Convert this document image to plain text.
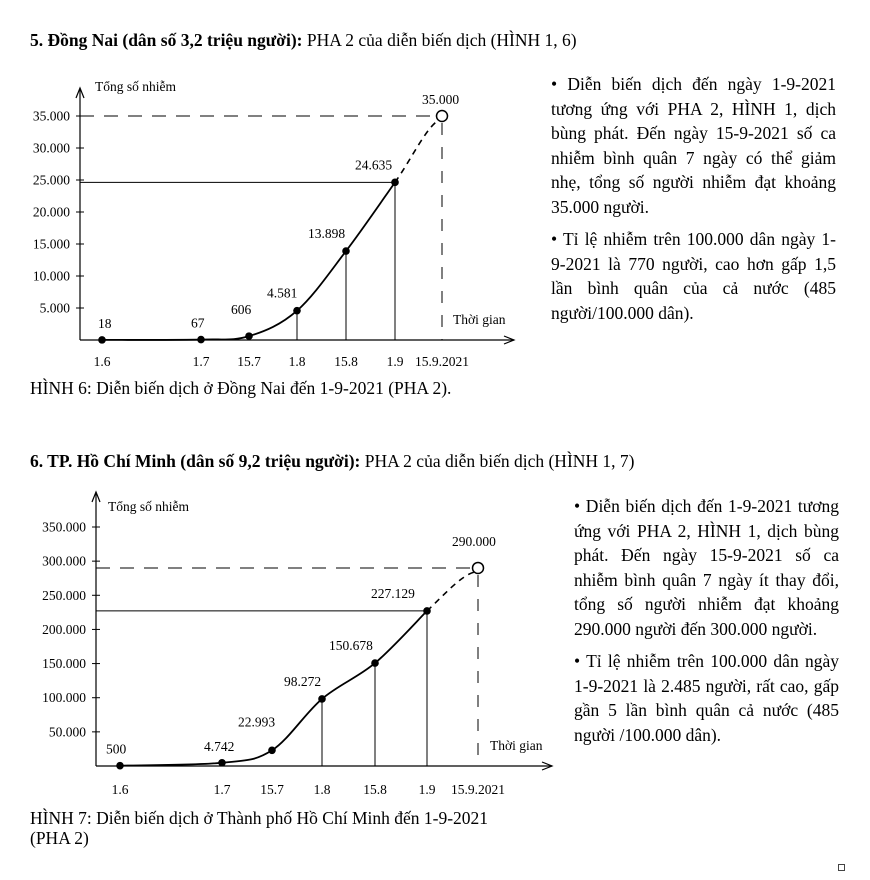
5. Đồng Nai (dân số 3,2 triệu người): PHA 2 của diễn biến dịch (HÌNH 1, 6)
Tổng số nhiễm
Thời gian
5.000
10.000
15.000
20.000
25.000
30.000
35.000
1.6	1.7 15.7 1.8 15.8 1.9 15.9.2021
18	67
606
4.581
13.898
24.635
35.000
HÌNH 6: Diễn biến dịch ở Đồng Nai đến 1-9-2021 (PHA 2).

• Diễn biến dịch đến ngày 1-9-2021 tương ứng với PHA 2, HÌNH 1, dịch bùng phát. Đến ngày 15-9-2021 số ca nhiễm bình quân 7 ngày có thể giảm nhẹ, tổng số người nhiễm đạt khoảng 35.000 người.

• Tỉ lệ nhiễm trên 100.000 dân ngày 1-9-2021 là 770 người, cao hơn gấp 1,5 lần bình quân của cả nước (485 người/100.000 dân).

6. TP. Hồ Chí Minh (dân số 9,2 triệu người): PHA 2 của diễn biến dịch (HÌNH 1, 7)
Tổng số nhiễm
Thời gian
50.000
100.000
150.000
200.000
250.000
300.000
350.000
1.6	1.7 15.7 1.8 15.8 1.9 15.9.2021
500	4.742
22.993
98.272
150.678
227.129
290.000
HÌNH 7: Diễn biến dịch ở Thành phố Hồ Chí Minh đến 1-9-2021 (PHA 2)

• Diễn biến dịch đến 1-9-2021 tương ứng với PHA 2, HÌNH 1, dịch bùng phát. Đến ngày 15-9-2021 số ca nhiễm bình quân 7 ngày ít thay đổi, tổng số người nhiễm đạt khoảng 290.000 người đến 300.000 người.

• Tỉ lệ nhiễm trên 100.000 dân ngày 1-9-2021 là 2.485 người, rất cao, gấp gần 5 lần bình quân cả nước (485 người /100.000 dân).
